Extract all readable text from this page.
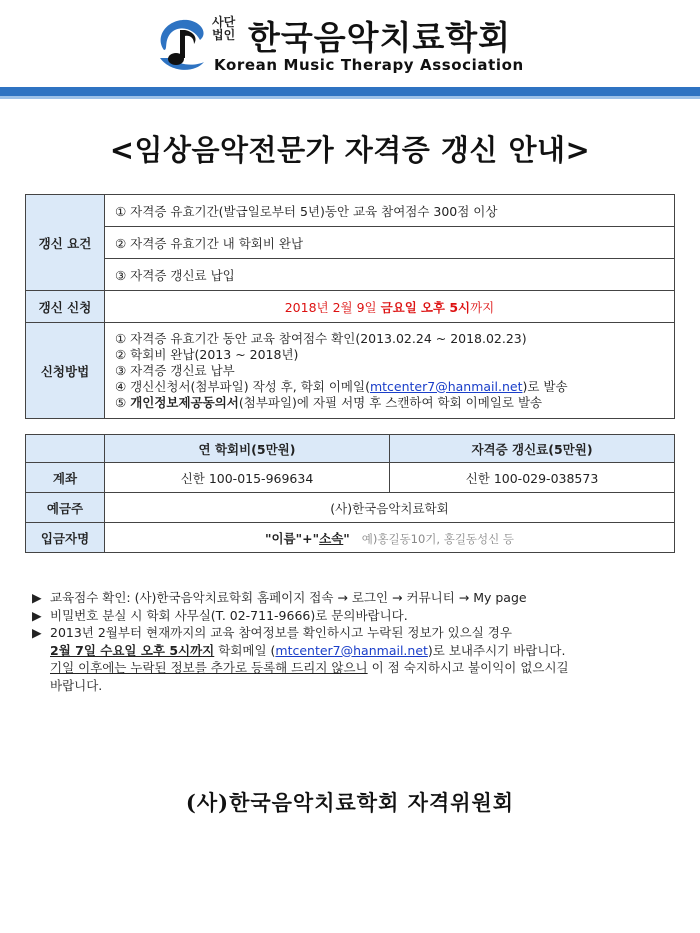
사단
법인 한국음악치료학회
Korean Music Therapy Association
<임상음악전문가 자격증 갱신 안내>
갱신 요건	① 자격증 유효기간(발급일로부터 5년)동안 교육 참여점수 300점 이상
	② 자격증 유효기간 내 학회비 완납
	③ 자격증 갱신료 납입
갱신 신청	2018년 2월 9일 금요일 오후 5시까지
신청방법	① 자격증 유효기간 동안 교육 참여점수 확인(2013.02.24 ~ 2018.02.23)
② 학회비 완납(2013 ~ 2018년)
③ 자격증 갱신료 납부
④ 갱신신청서(첨부파일) 작성 후, 학회 이메일(mtcenter7@hanmail.net)로 발송
⑤ 개인정보제공동의서(첨부파일)에 자필 서명 후 스캔하여 학회 이메일로 발송
	연 학회비(5만원)	자격증 갱신료(5만원)
계좌	신한 100-015-969634	신한 100-029-038573
예금주	(사)한국음악치료학회	
입금자명	"이름"+"소속" 예)홍길동10기, 홍길동성신 등	
▶ 교육점수 확인: (사)한국음악치료학회 홈페이지 접속 → 로그인 → 커뮤니티 → My page
▶ 비밀번호 분실 시 학회 사무실(T. 02-711-9666)로 문의바랍니다.
▶ 2013년 2월부터 현재까지의 교육 참여정보를 확인하시고 누락된 정보가 있으실 경우
2월 7일 수요일 오후 5시까지 학회메일 (mtcenter7@hanmail.net)로 보내주시기 바랍니다.
기일 이후에는 누락된 정보를 추가로 등록해 드리지 않으니 이 점 숙지하시고 불이익이 없으시길
바랍니다.
(사)한국음악치료학회 자격위원회
